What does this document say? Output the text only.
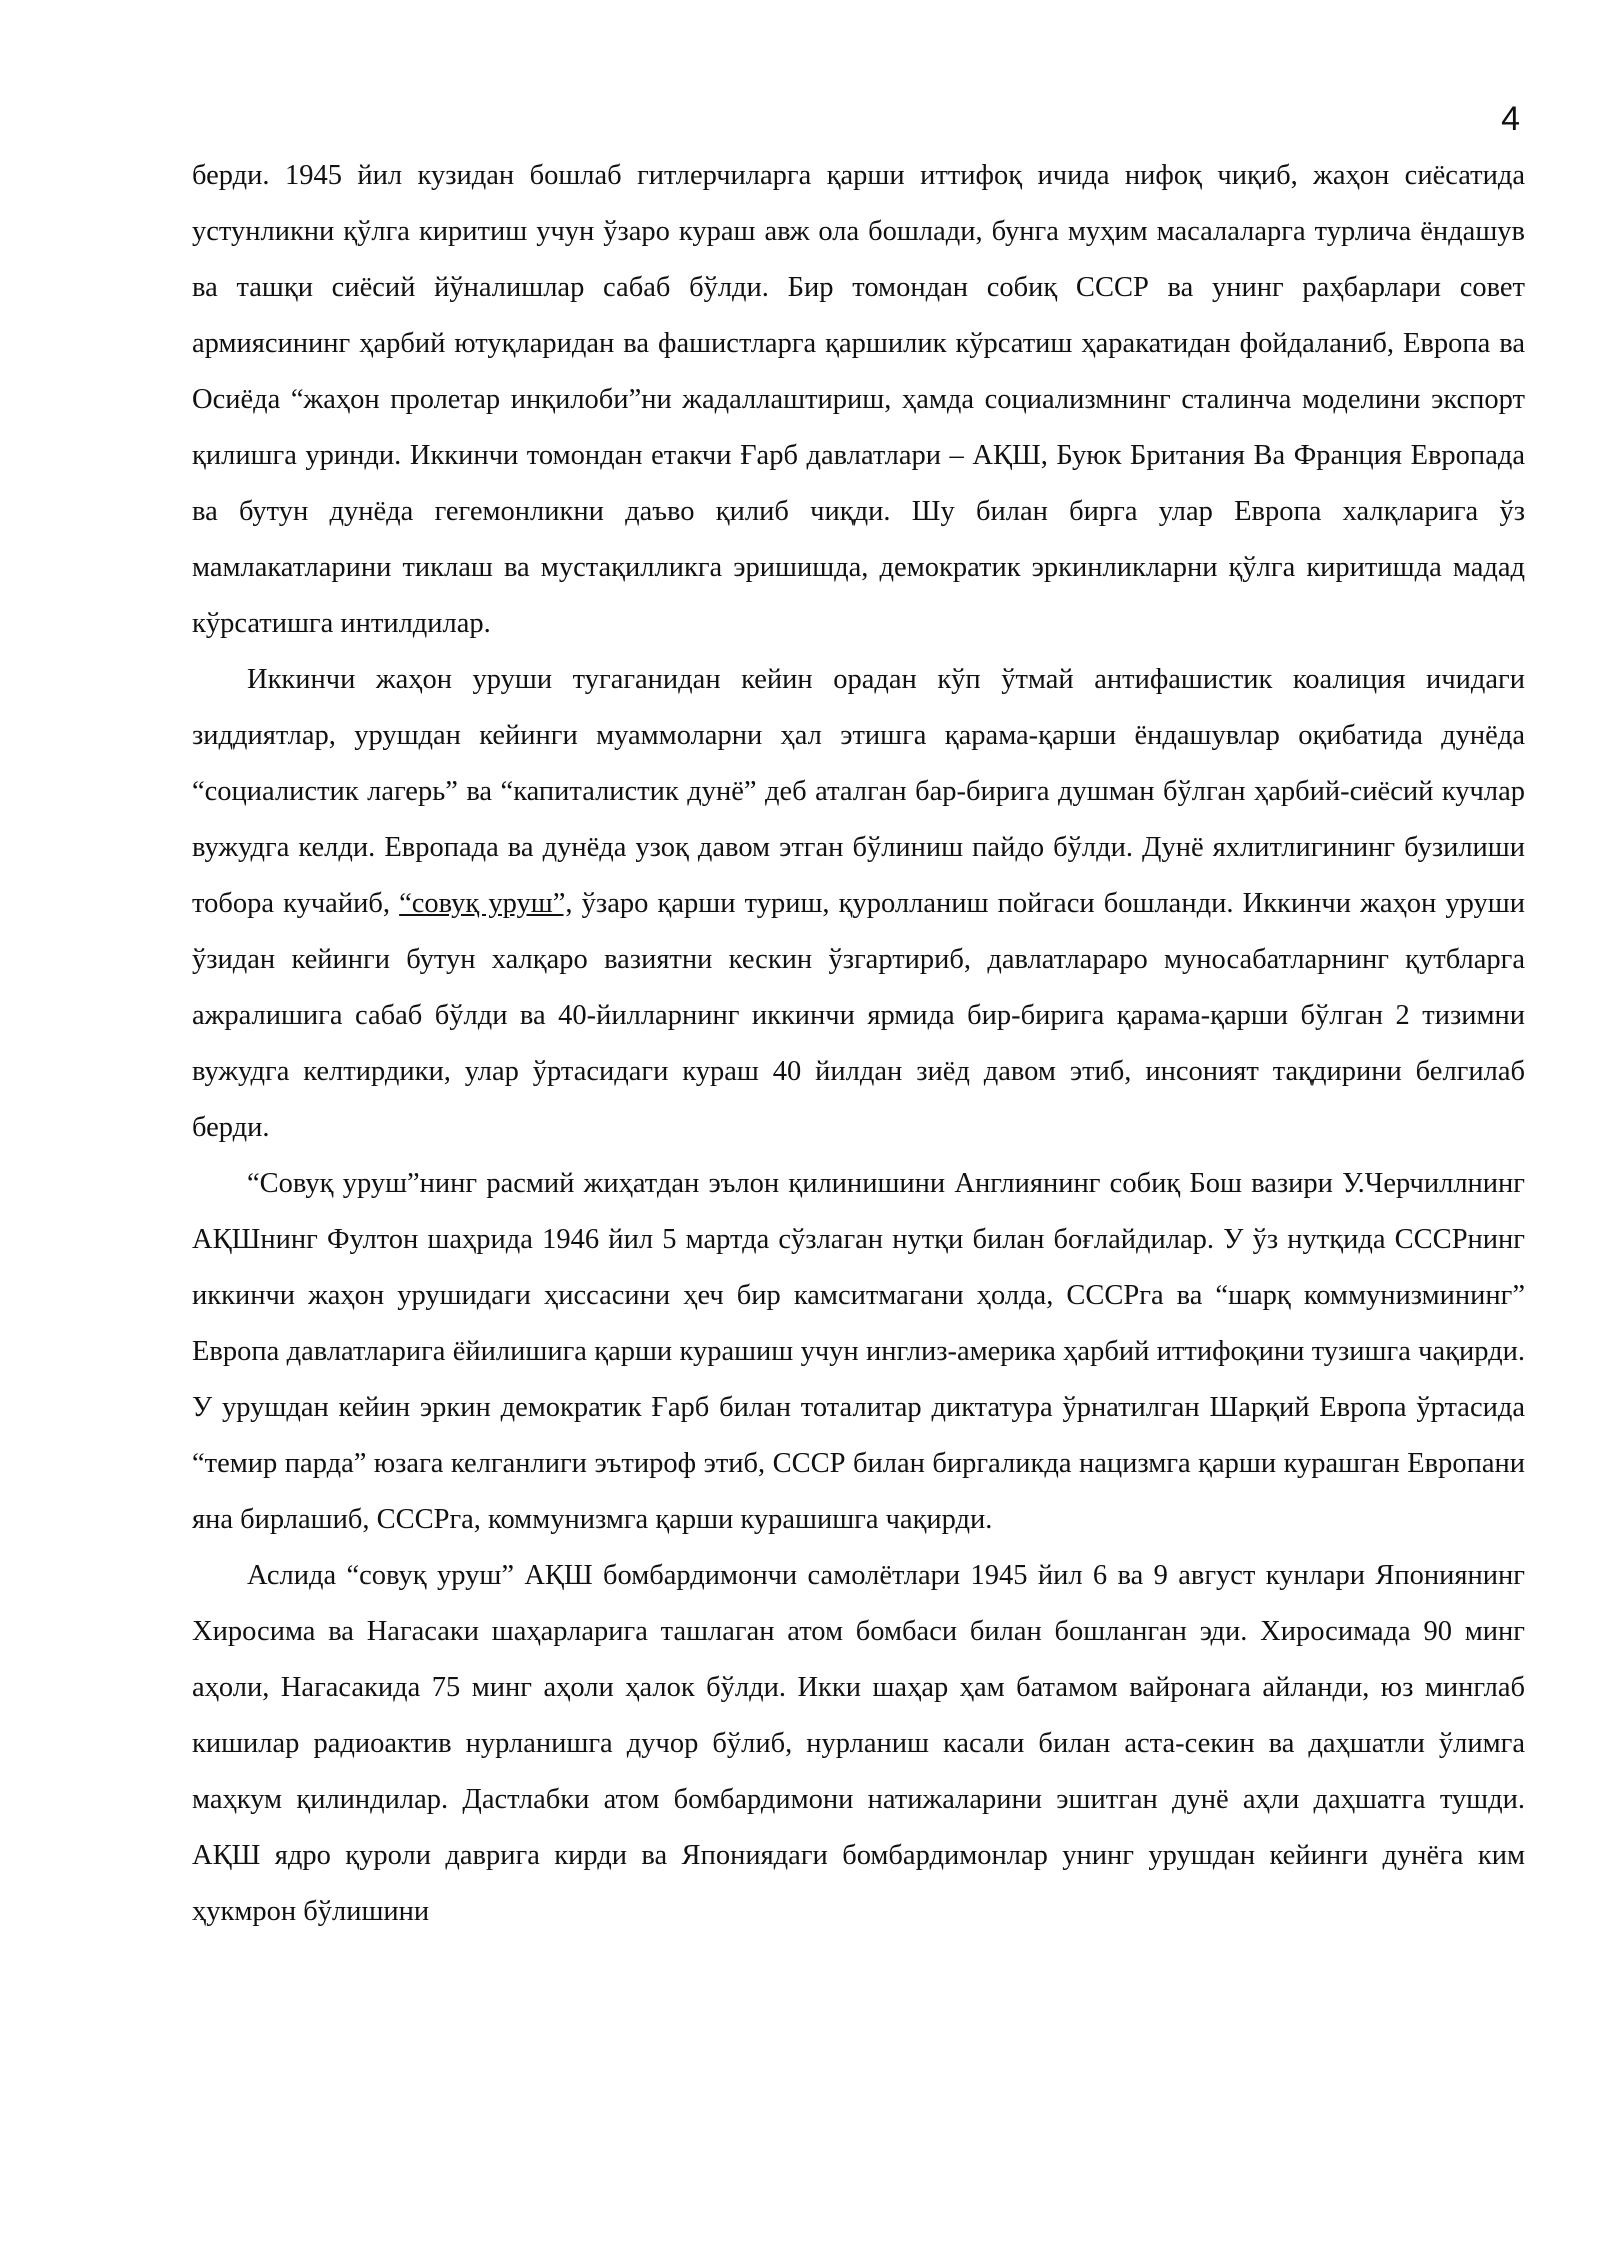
4

берди. 1945 йил кузидан бошлаб гитлерчиларга қарши иттифоқ ичида нифоқ чиқиб, жаҳон сиёсатида устунликни қўлга киритиш учун ўзаро кураш авж ола бошлади, бунга муҳим масалаларга турлича ёндашув ва ташқи сиёсий йўналишлар сабаб бўлди. Бир томондан собиқ СССР ва унинг раҳбарлари совет армиясининг ҳарбий ютуқларидан ва фашистларга қаршилик кўрсатиш ҳаракатидан фойдаланиб, Европа ва Осиёда “жаҳон пролетар инқилоби”ни жадаллаштириш, ҳамда социализмнинг сталинча моделини экспорт қилишга уринди. Иккинчи томондан етакчи Ғарб давлатлари – АҚШ, Буюк Британия Ва Франция Европада ва бутун дунёда гегемонликни даъво қилиб чиқди. Шу билан бирга улар Европа халқларига ўз мамлакатларини тиклаш ва мустақилликга эришишда, демократик эркинликларни қўлга киритишда мадад кўрсатишга интилдилар.

Иккинчи жаҳон уруши тугаганидан кейин орадан кўп ўтмай антифашистик коалиция ичидаги зиддиятлар, урушдан кейинги муаммоларни ҳал этишга қарама-қарши ёндашувлар оқибатида дунёда “социалистик лагерь” ва “капиталистик дунё” деб аталган бар-бирига душман бўлган ҳарбий-сиёсий кучлар вужудга келди. Европада ва дунёда узоқ давом этган бўлиниш пайдо бўлди. Дунё яхлитлигининг бузилиши тобора кучайиб, “совуқ уруш”, ўзаро қарши туриш, қуролланиш пойгаси бошланди. Иккинчи жаҳон уруши ўзидан кейинги бутун халқаро вазиятни кескин ўзгартириб, давлатлараро муносабатларнинг қутбларга ажралишига сабаб бўлди ва 40-йилларнинг иккинчи ярмида бир-бирига қарама-қарши бўлган 2 тизимни вужудга келтирдики, улар ўртасидаги кураш 40 йилдан зиёд давом этиб, инсоният тақдирини белгилаб берди.

“Совуқ уруш”нинг расмий жиҳатдан эълон қилинишини Англиянинг собиқ Бош вазири У.Черчиллнинг АҚШнинг Фултон шаҳрида 1946 йил 5 мартда сўзлаган нутқи билан боғлайдилар. У ўз нутқида СССРнинг иккинчи жаҳон урушидаги ҳиссасини ҳеч бир камситмагани ҳолда, СССРга ва “шарқ коммунизмининг” Европа давлатларига ёйилишига қарши курашиш учун инглиз-америка ҳарбий иттифоқини тузишга чақирди. У урушдан кейин эркин демократик Ғарб билан тоталитар диктатура ўрнатилган Шарқий Европа ўртасида “темир парда” юзага келганлиги эътироф этиб, СССР билан биргаликда нацизмга қарши курашган Европани яна бирлашиб, СССРга, коммунизмга қарши курашишга чақирди.

Аслида “совуқ уруш” АҚШ бомбардимончи самолётлари 1945 йил 6 ва 9 август кунлари Япониянинг Хиросима ва Нагасаки шаҳарларига ташлаган атом бомбаси билан бошланган эди. Хиросимада 90 минг аҳоли, Нагасакида 75 минг аҳоли ҳалок бўлди. Икки шаҳар ҳам батамом вайронага айланди, юз минглаб кишилар радиоактив нурланишга дучор бўлиб, нурланиш касали билан аста-секин ва даҳшатли ўлимга маҳкум қилиндилар. Дастлабки атом бомбардимони натижаларини эшитган дунё аҳли даҳшатга тушди. АҚШ ядро қуроли даврига кирди ва Япониядаги бомбардимонлар унинг урушдан кейинги дунёга ким ҳукмрон бўлишини
